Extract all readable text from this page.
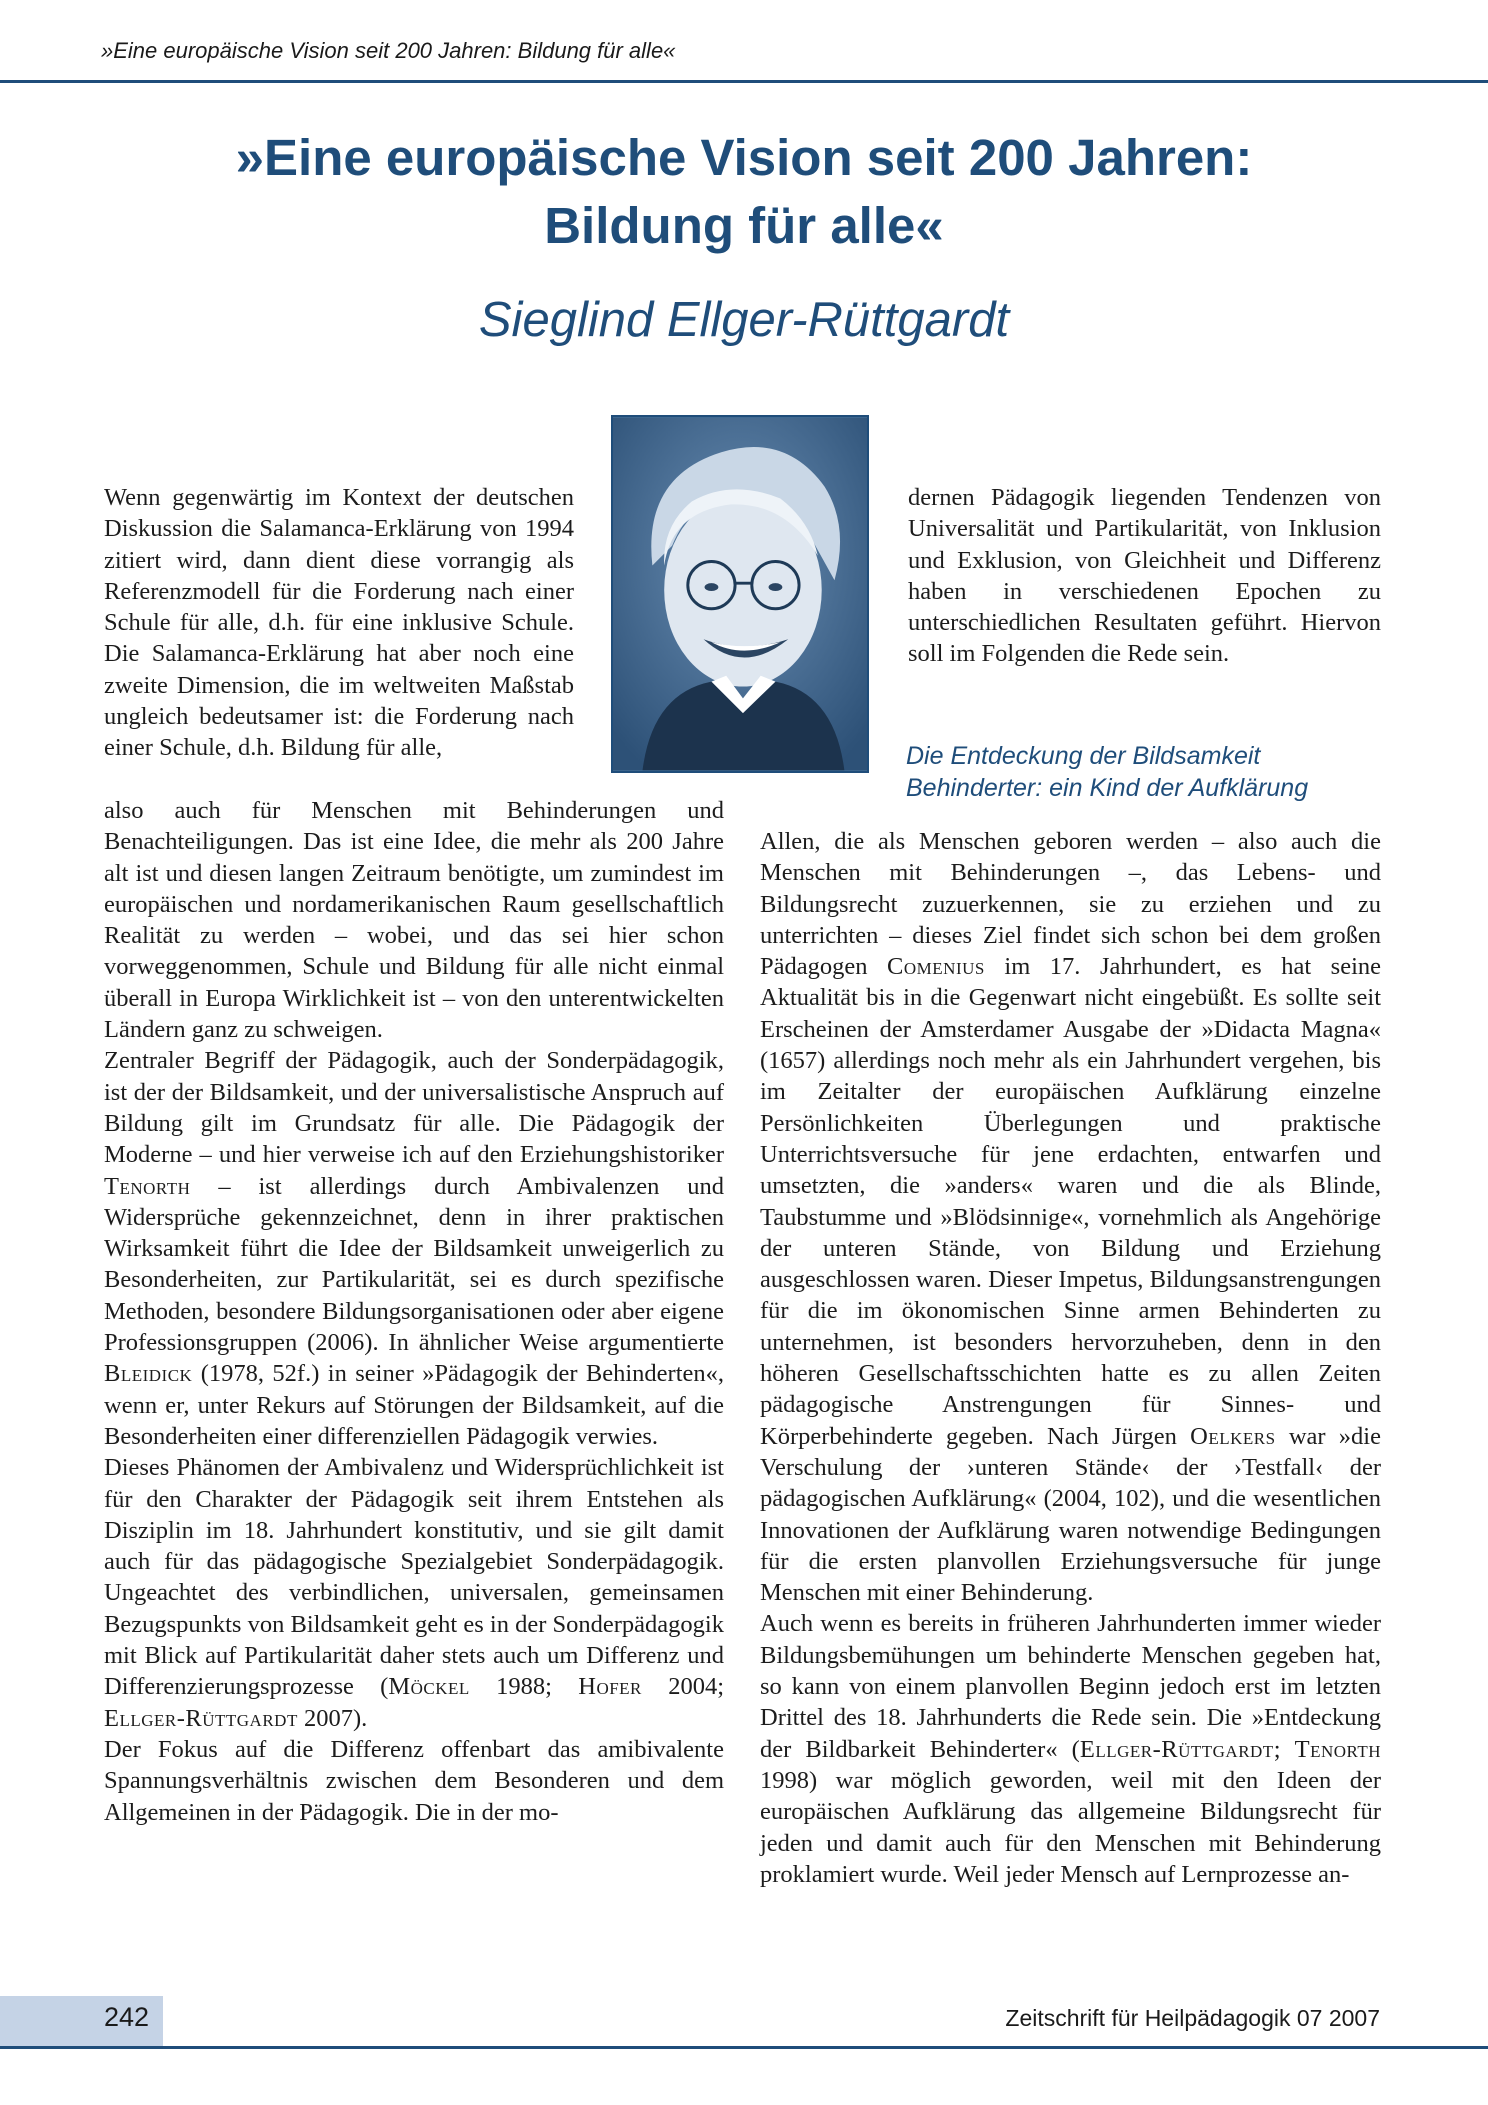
»Eine europäische Vision seit 200 Jahren: Bildung für alle«
»Eine europäische Vision seit 200 Jahren:
Bildung für alle«
Sieglind Ellger-Rüttgardt

Wenn gegenwärtig im Kontext der deutschen Diskussion die Salamanca-Erklärung von 1994 zitiert wird, dann dient diese vorrangig als Referenzmodell für die Forderung nach einer Schule für alle, d.h. für eine inklusive Schule. Die Salamanca-Erklärung hat aber noch eine zweite Dimension, die im weltweiten Maßstab ungleich bedeutsamer ist: die Forderung nach einer Schule, d.h. Bildung für alle,

also auch für Menschen mit Behinderungen und Benachteiligungen. Das ist eine Idee, die mehr als 200 Jahre alt ist und diesen langen Zeitraum benötigte, um zumindest im europäischen und nordamerikanischen Raum gesellschaftlich Realität zu werden – wobei, und das sei hier schon vorweggenommen, Schule und Bildung für alle nicht einmal überall in Europa Wirklichkeit ist – von den unterentwickelten Ländern ganz zu schweigen.

Zentraler Begriff der Pädagogik, auch der Sonderpädagogik, ist der der Bildsamkeit, und der universalistische Anspruch auf Bildung gilt im Grundsatz für alle. Die Pädagogik der Moderne – und hier verweise ich auf den Erziehungshistoriker Tenorth – ist allerdings durch Ambivalenzen und Widersprüche gekennzeichnet, denn in ihrer praktischen Wirksamkeit führt die Idee der Bildsamkeit unweigerlich zu Besonderheiten, zur Partikularität, sei es durch spezifische Methoden, besondere Bildungsorganisationen oder aber eigene Professionsgruppen (2006). In ähnlicher Weise argumentierte Bleidick (1978, 52f.) in seiner »Pädagogik der Behinderten«, wenn er, unter Rekurs auf Störungen der Bildsamkeit, auf die Besonderheiten einer differenziellen Pädagogik verwies.

Dieses Phänomen der Ambivalenz und Widersprüchlichkeit ist für den Charakter der Pädagogik seit ihrem Entstehen als Disziplin im 18. Jahrhundert konstitutiv, und sie gilt damit auch für das pädagogische Spezialgebiet Sonderpädagogik. Ungeachtet des verbindlichen, universalen, gemeinsamen Bezugspunkts von Bildsamkeit geht es in der Sonderpädagogik mit Blick auf Partikularität daher stets auch um Differenz und Differenzierungsprozesse (Möckel 1988; Hofer 2004; Ellger-Rüttgardt 2007).

Der Fokus auf die Differenz offenbart das amibivalente Spannungsverhältnis zwischen dem Besonderen und dem Allgemeinen in der Pädagogik. Die in der mo-

dernen Pädagogik liegenden Tendenzen von Universalität und Partikularität, von Inklusion und Exklusion, von Gleichheit und Differenz haben in verschiedenen Epochen zu unterschiedlichen Resultaten geführt. Hiervon soll im Folgenden die Rede sein.

Die Entdeckung der Bildsamkeit Behinderter: ein Kind der Aufklärung

Allen, die als Menschen geboren werden – also auch die Menschen mit Behinderungen –, das Lebens- und Bildungsrecht zuzuerkennen, sie zu erziehen und zu unterrichten – dieses Ziel findet sich schon bei dem großen Pädagogen Comenius im 17. Jahrhundert, es hat seine Aktualität bis in die Gegenwart nicht eingebüßt. Es sollte seit Erscheinen der Amsterdamer Ausgabe der »Didacta Magna« (1657) allerdings noch mehr als ein Jahrhundert vergehen, bis im Zeitalter der europäischen Aufklärung einzelne Persönlichkeiten Überlegungen und praktische Unterrichtsversuche für jene erdachten, entwarfen und umsetzten, die »anders« waren und die als Blinde, Taubstumme und »Blödsinnige«, vornehmlich als Angehörige der unteren Stände, von Bildung und Erziehung ausgeschlossen waren. Dieser Impetus, Bildungsanstrengungen für die im ökonomischen Sinne armen Behinderten zu unternehmen, ist besonders hervorzuheben, denn in den höheren Gesellschaftsschichten hatte es zu allen Zeiten pädagogische Anstrengungen für Sinnes- und Körperbehinderte gegeben. Nach Jürgen Oelkers war »die Verschulung der ›unteren Stände‹ der ›Testfall‹ der pädagogischen Aufklärung« (2004, 102), und die wesentlichen Innovationen der Aufklärung waren notwendige Bedingungen für die ersten planvollen Erziehungsversuche für junge Menschen mit einer Behinderung.

Auch wenn es bereits in früheren Jahrhunderten immer wieder Bildungsbemühungen um behinderte Menschen gegeben hat, so kann von einem planvollen Beginn jedoch erst im letzten Drittel des 18. Jahrhunderts die Rede sein. Die »Entdeckung der Bildbarkeit Behinderter« (Ellger-Rüttgardt; Tenorth 1998) war möglich geworden, weil mit den Ideen der europäischen Aufklärung das allgemeine Bildungsrecht für jeden und damit auch für den Menschen mit Behinderung proklamiert wurde. Weil jeder Mensch auf Lernprozesse an-

242	Zeitschrift für Heilpädagogik 07 2007
